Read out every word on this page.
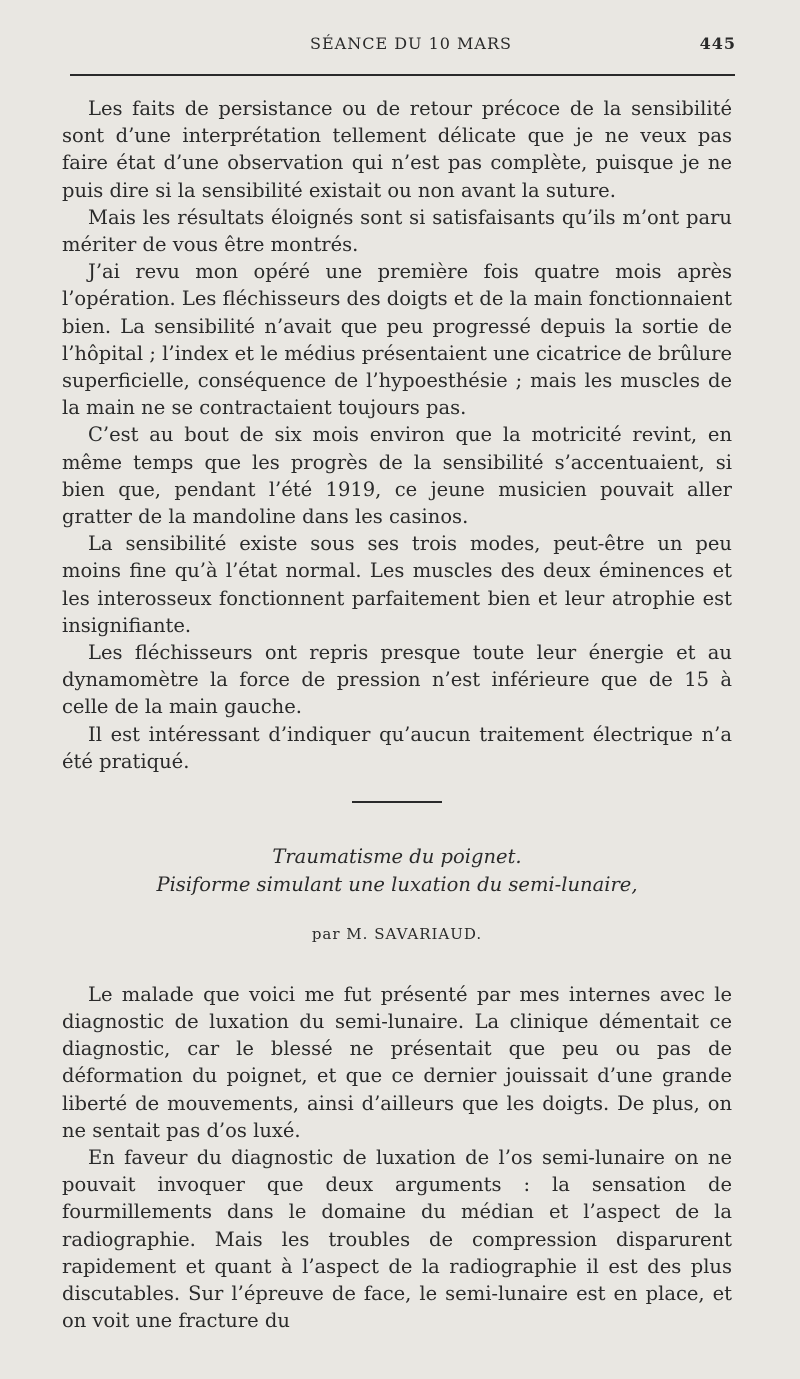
SÉANCE DU 10 MARS	445

Les faits de persistance ou de retour précoce de la sensibilité sont d’une interprétation tellement délicate que je ne veux pas faire état d’une observation qui n’est pas complète, puisque je ne puis dire si la sensibilité existait ou non avant la suture.

Mais les résultats éloignés sont si satisfaisants qu’ils m’ont paru mériter de vous être montrés.

J’ai revu mon opéré une première fois quatre mois après l’opération. Les fléchisseurs des doigts et de la main fonctionnaient bien. La sensibilité n’avait que peu progressé depuis la sortie de l’hôpital ; l’index et le médius présentaient une cicatrice de brûlure superficielle, conséquence de l’hypoesthésie ; mais les muscles de la main ne se contractaient toujours pas.

C’est au bout de six mois environ que la motricité revint, en même temps que les progrès de la sensibilité s’accentuaient, si bien que, pendant l’été 1919, ce jeune musicien pouvait aller gratter de la mandoline dans les casinos.

La sensibilité existe sous ses trois modes, peut-être un peu moins fine qu’à l’état normal. Les muscles des deux éminences et les interosseux fonctionnent parfaitement bien et leur atrophie est insignifiante.

Les fléchisseurs ont repris presque toute leur énergie et au dynamomètre la force de pression n’est inférieure que de 15 à celle de la main gauche.

Il est intéressant d’indiquer qu’aucun traitement électrique n’a été pratiqué.

Traumatisme du poignet.
Pisiforme simulant une luxation du semi-lunaire,
par M. SAVARIAUD.

Le malade que voici me fut présenté par mes internes avec le diagnostic de luxation du semi-lunaire. La clinique démentait ce diagnostic, car le blessé ne présentait que peu ou pas de déformation du poignet, et que ce dernier jouissait d’une grande liberté de mouvements, ainsi d’ailleurs que les doigts. De plus, on ne sentait pas d’os luxé.

En faveur du diagnostic de luxation de l’os semi-lunaire on ne pouvait invoquer que deux arguments : la sensation de fourmillements dans le domaine du médian et l’aspect de la radiographie. Mais les troubles de compression disparurent rapidement et quant à l’aspect de la radiographie il est des plus discutables. Sur l’épreuve de face, le semi-lunaire est en place, et on voit une fracture du
